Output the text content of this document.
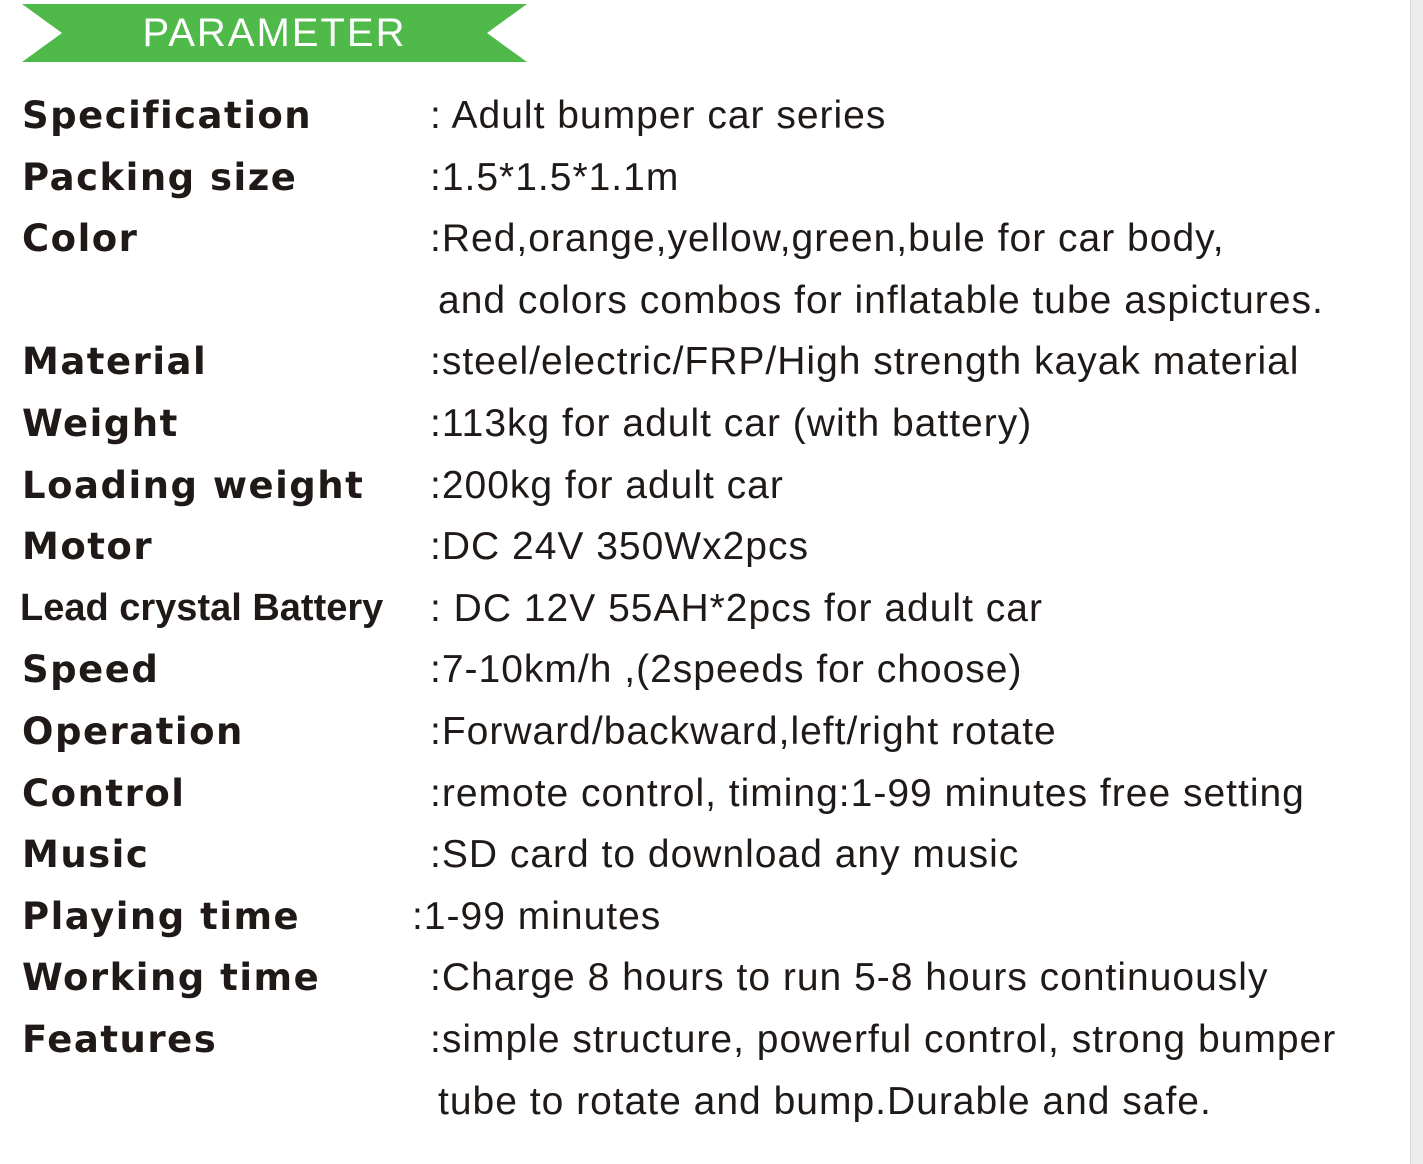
PARAMETER
Specification	: Adult bumper car series
Packing size	:1.5*1.5*1.1m
Color	:Red,orange,yellow,green,bule for car body,
and colors combos for inflatable tube aspictures.
Material	:steel/electric/FRP/High strength kayak material
Weight	:113kg for adult car (with battery)
Loading weight :200kg for adult car
Motor	:DC 24V 350Wx2pcs
Lead crystal Battery : DC 12V 55AH*2pcs for adult car
Speed	:7-10km/h ,(2speeds for choose)
Operation	:Forward/backward,left/right rotate
Control	:remote control, timing:1-99 minutes free setting
Music	:SD card to download any music
Playing time	:1-99 minutes
Working time	:Charge 8 hours to run 5-8 hours continuously
Features	:simple structure, powerful control, strong bumper
tube to rotate and bump.Durable and safe.
